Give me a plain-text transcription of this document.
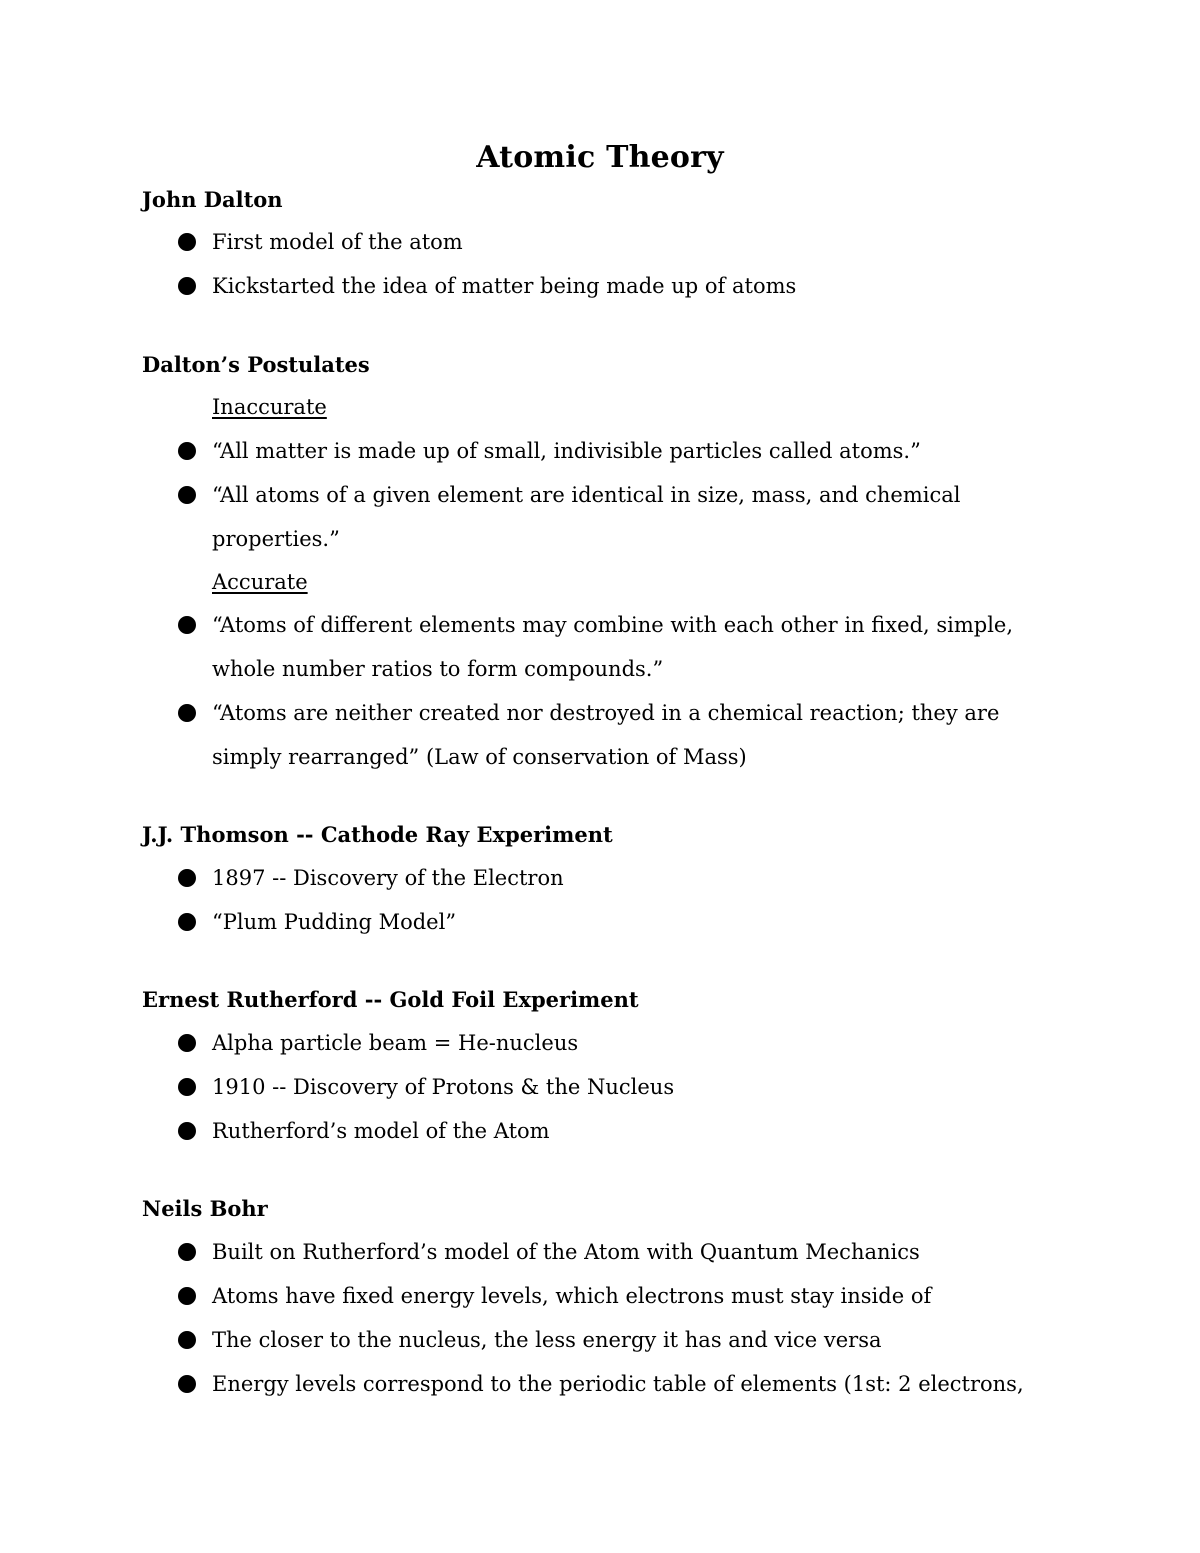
Atomic Theory
John Dalton
First model of the atom
Kickstarted the idea of matter being made up of atoms
Dalton’s Postulates
Inaccurate
“All matter is made up of small, indivisible particles called atoms.”
“All atoms of a given element are identical in size, mass, and chemical properties.”
Accurate
“Atoms of different elements may combine with each other in fixed, simple, whole number ratios to form compounds.”
“Atoms are neither created nor destroyed in a chemical reaction; they are simply rearranged” (Law of conservation of Mass)
J.J. Thomson -- Cathode Ray Experiment
1897 -- Discovery of the Electron
“Plum Pudding Model”
Ernest Rutherford -- Gold Foil Experiment
Alpha particle beam = He-nucleus
1910 -- Discovery of Protons & the Nucleus
Rutherford’s model of the Atom
Neils Bohr
Built on Rutherford’s model of the Atom with Quantum Mechanics
Atoms have fixed energy levels, which electrons must stay inside of
The closer to the nucleus, the less energy it has and vice versa
Energy levels correspond to the periodic table of elements (1st: 2 electrons,
